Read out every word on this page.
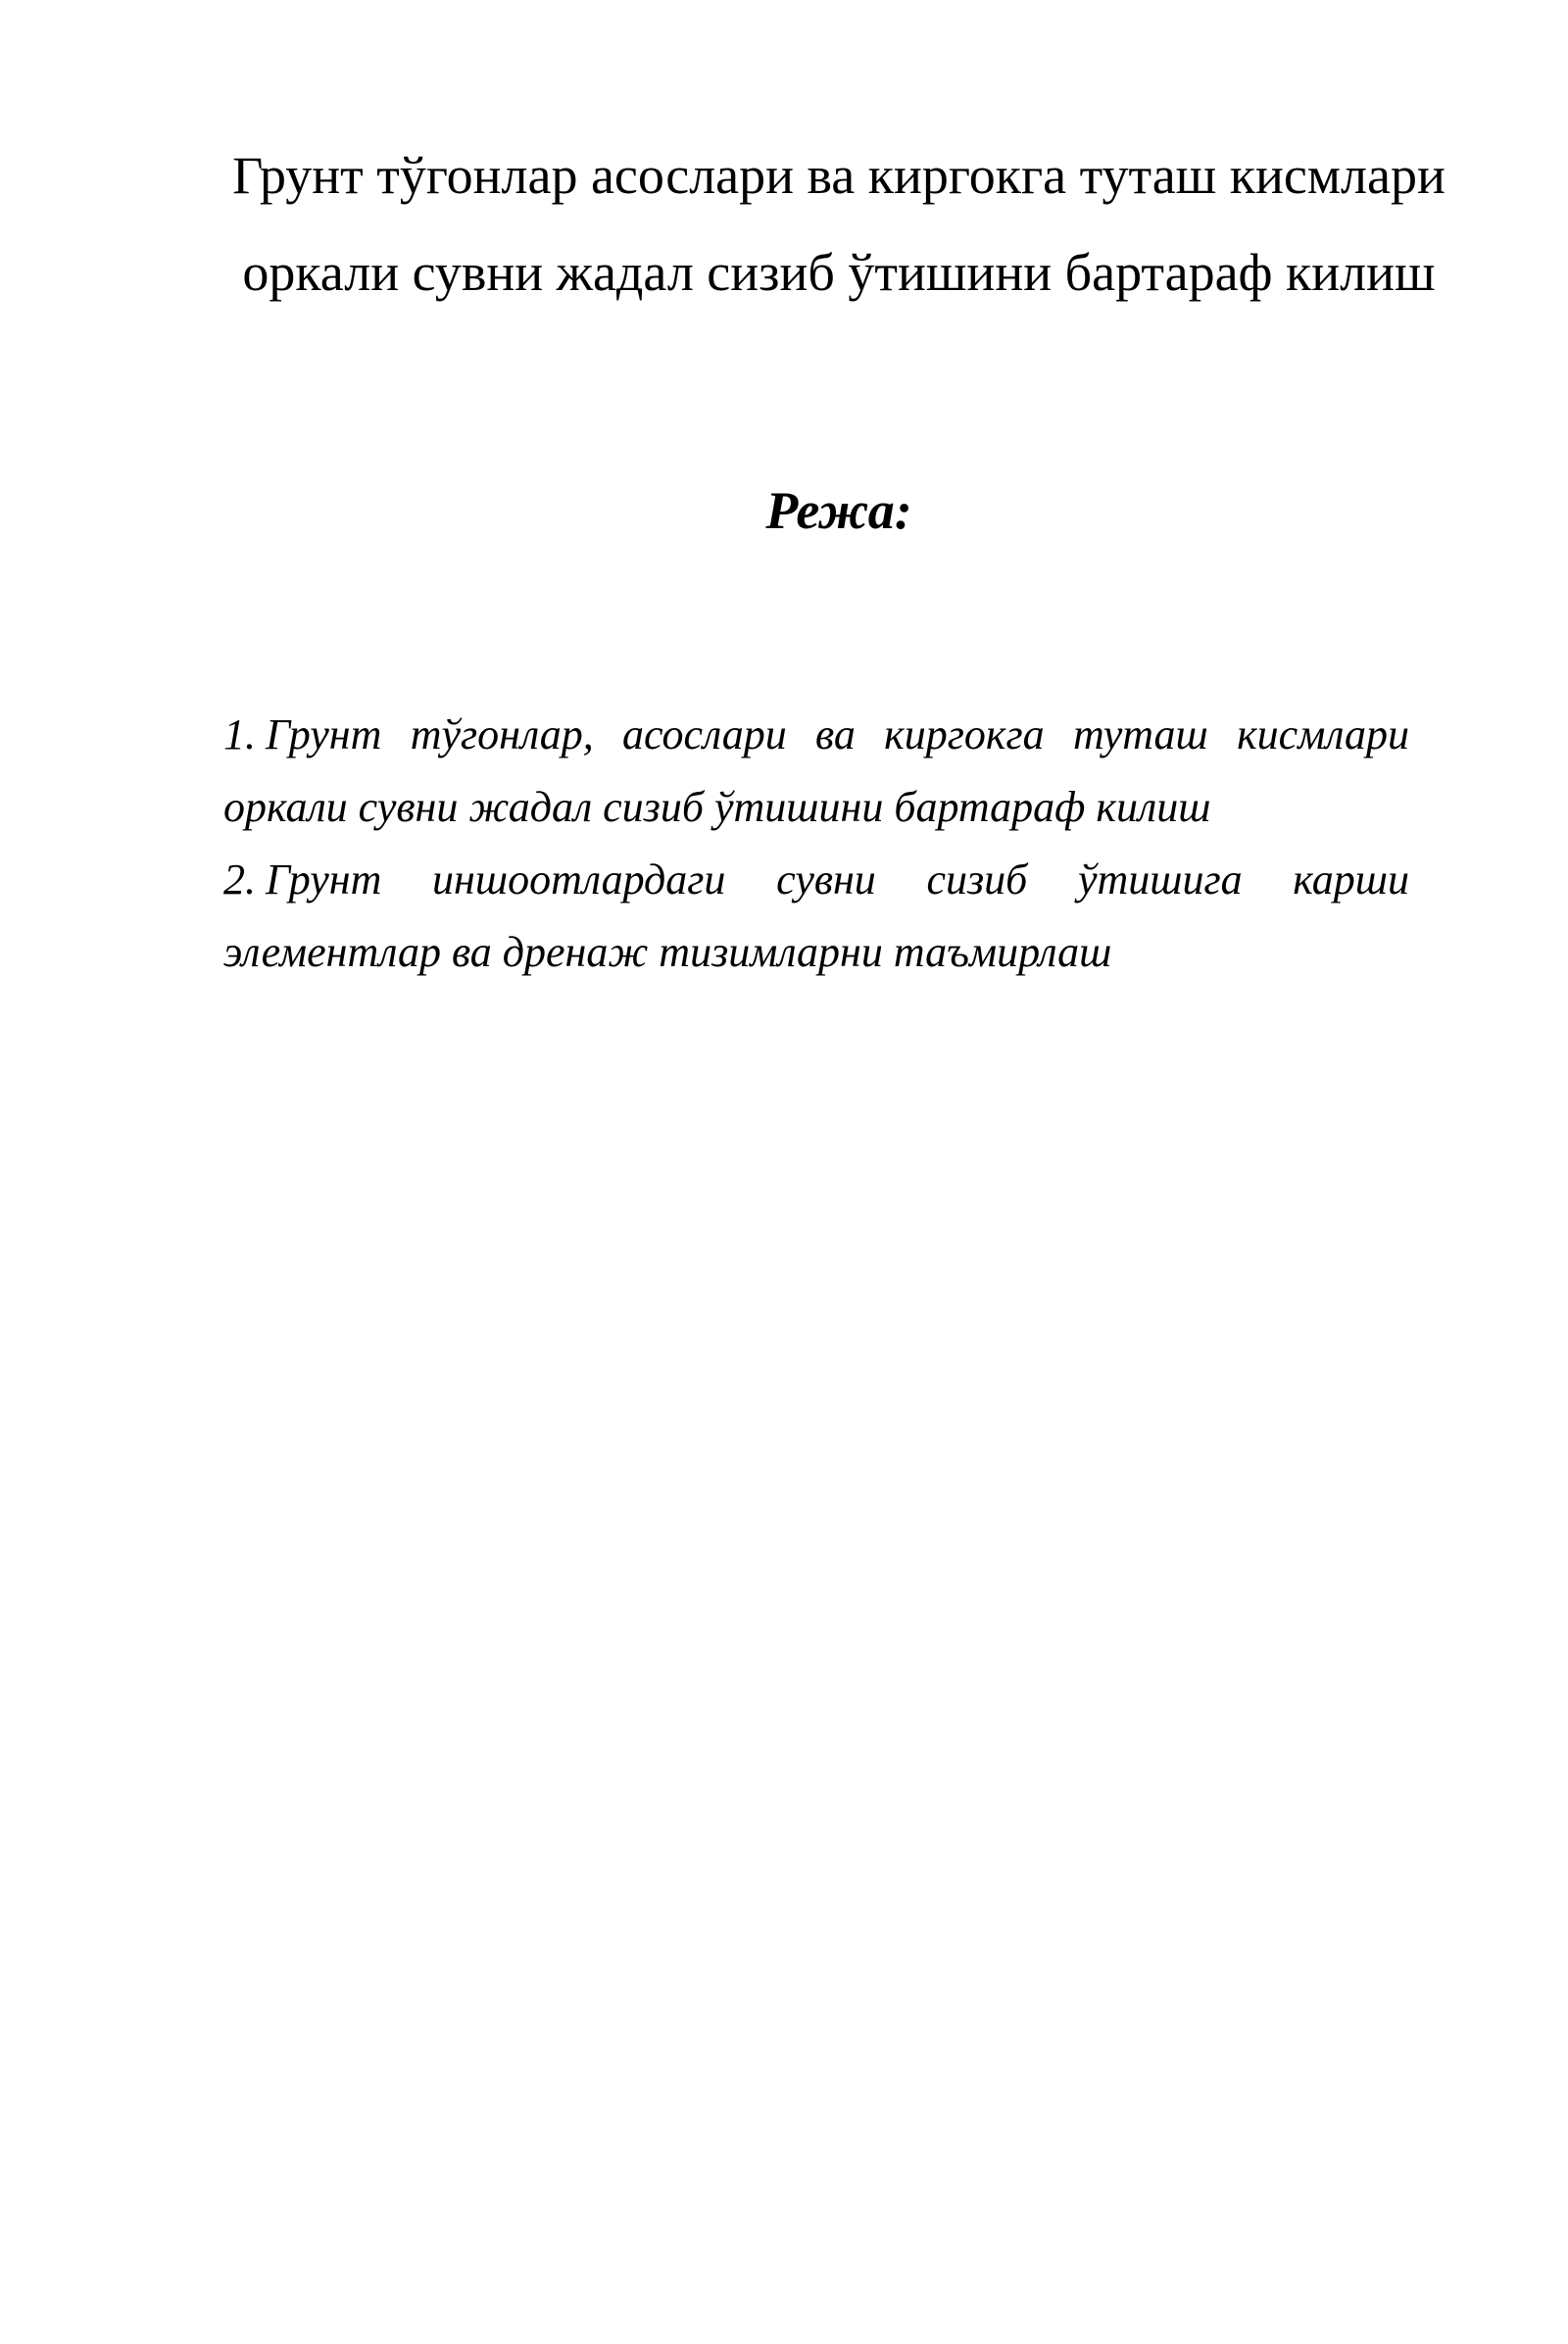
Грунт тўгонлар асослари ва киргокга туташ кисмлари
оркали сувни жадал сизиб ўтишини бартараф килиш
Режа:

1. Грунт тўгонлар, асослари ва киргокга туташ кисмлари оркали сувни жадал сизиб ўтишини бартараф килиш

2. Грунт иншоотлардаги сувни сизиб ўтишига карши элементлар ва дренаж тизимларни таъмирлаш
